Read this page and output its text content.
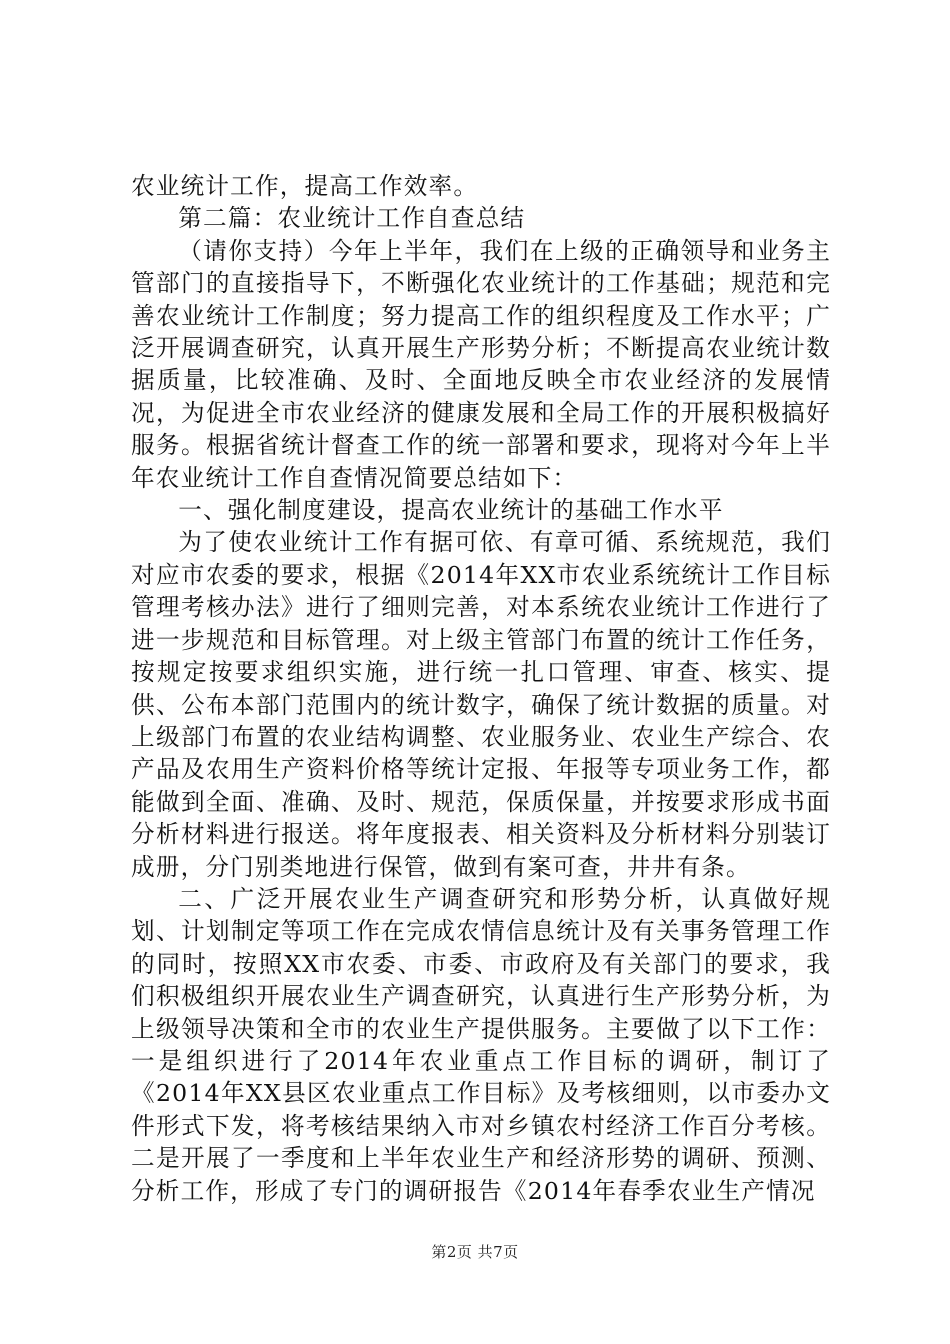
农业统计工作，提高工作效率。

第二篇：农业统计工作自查总结

（请你支持）今年上半年，我们在上级的正确领导和业务主管部门的直接指导下，不断强化农业统计的工作基础；规范和完善农业统计工作制度；努力提高工作的组织程度及工作水平；广泛开展调查研究，认真开展生产形势分析；不断提高农业统计数据质量，比较准确、及时、全面地反映全市农业经济的发展情况，为促进全市农业经济的健康发展和全局工作的开展积极搞好服务。根据省统计督查工作的统一部署和要求，现将对今年上半年农业统计工作自查情况简要总结如下：

一、强化制度建设，提高农业统计的基础工作水平

为了使农业统计工作有据可依、有章可循、系统规范，我们对应市农委的要求，根据《2014年XX市农业系统统计工作目标管理考核办法》进行了细则完善，对本系统农业统计工作进行了进一步规范和目标管理。对上级主管部门布置的统计工作任务，按规定按要求组织实施，进行统一扎口管理、审查、核实、提供、公布本部门范围内的统计数字，确保了统计数据的质量。对上级部门布置的农业结构调整、农业服务业、农业生产综合、农产品及农用生产资料价格等统计定报、年报等专项业务工作，都能做到全面、准确、及时、规范，保质保量，并按要求形成书面分析材料进行报送。将年度报表、相关资料及分析材料分别装订成册，分门别类地进行保管，做到有案可查，井井有条。

二、广泛开展农业生产调查研究和形势分析，认真做好规划、计划制定等项工作在完成农情信息统计及有关事务管理工作的同时，按照XX市农委、市委、市政府及有关部门的要求，我们积极组织开展农业生产调查研究，认真进行生产形势分析，为上级领导决策和全市的农业生产提供服务。主要做了以下工作：一是组织进行了2014年农业重点工作目标的调研，制订了《2014年XX县区农业重点工作目标》及考核细则，以市委办文件形式下发，将考核结果纳入市对乡镇农村经济工作百分考核。二是开展了一季度和上半年农业生产和经济形势的调研、预测、分析工作，形成了专门的调研报告《2014年春季农业生产情况

第2页 共7页
